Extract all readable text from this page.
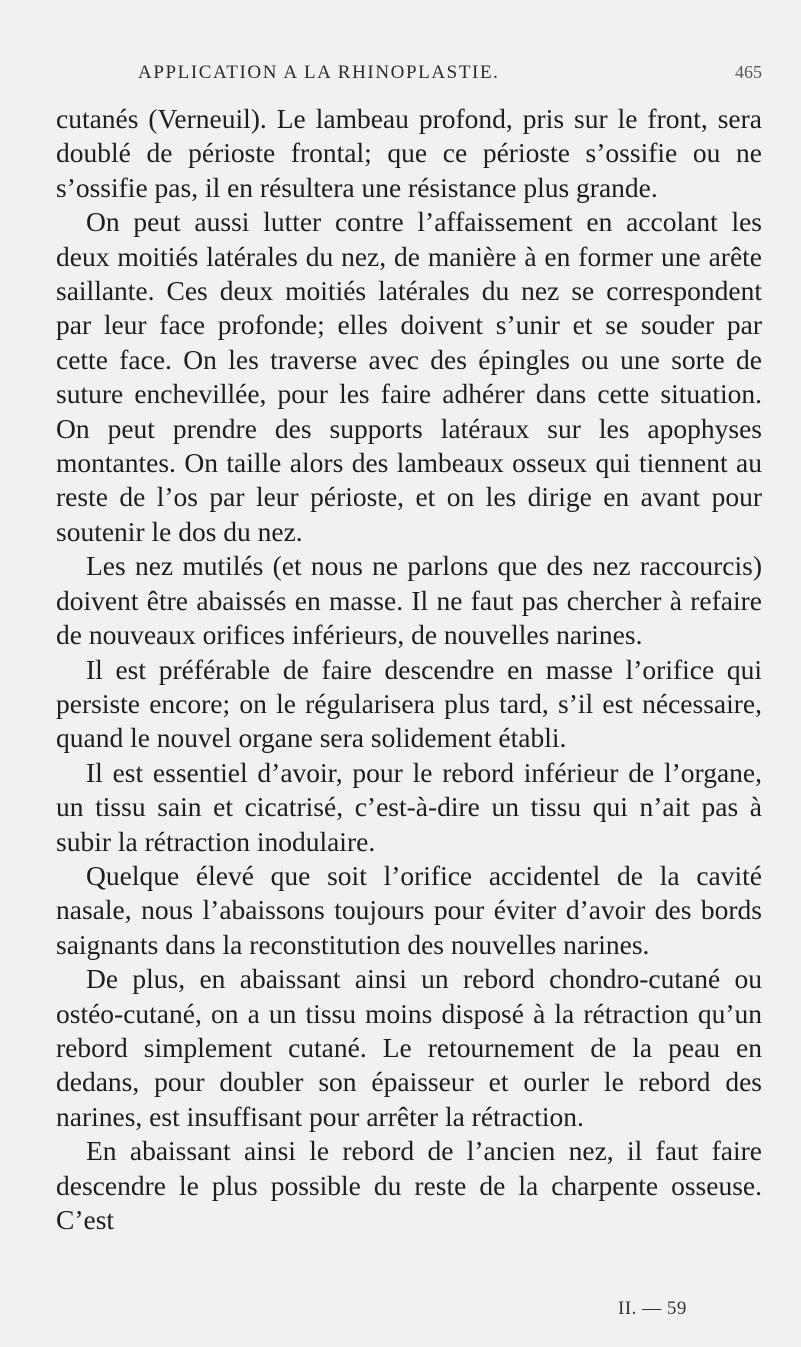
APPLICATION A LA RHINOPLASTIE.	465

cutanés (Verneuil). Le lambeau profond, pris sur le front, sera doublé de périoste frontal; que ce périoste s’ossifie ou ne s’ossifie pas, il en résultera une résistance plus grande.

On peut aussi lutter contre l’affaissement en accolant les deux moitiés latérales du nez, de manière à en former une arête saillante. Ces deux moitiés latérales du nez se correspondent par leur face profonde; elles doivent s’unir et se souder par cette face. On les traverse avec des épingles ou une sorte de suture enchevillée, pour les faire adhérer dans cette situation. On peut prendre des supports latéraux sur les apophyses montantes. On taille alors des lambeaux osseux qui tiennent au reste de l’os par leur périoste, et on les dirige en avant pour soutenir le dos du nez.

Les nez mutilés (et nous ne parlons que des nez raccourcis) doivent être abaissés en masse. Il ne faut pas chercher à refaire de nouveaux orifices inférieurs, de nouvelles narines.

Il est préférable de faire descendre en masse l’orifice qui persiste encore; on le régularisera plus tard, s’il est nécessaire, quand le nouvel organe sera solidement établi.

Il est essentiel d’avoir, pour le rebord inférieur de l’organe, un tissu sain et cicatrisé, c’est-à-dire un tissu qui n’ait pas à subir la rétraction inodulaire.

Quelque élevé que soit l’orifice accidentel de la cavité nasale, nous l’abaissons toujours pour éviter d’avoir des bords saignants dans la reconstitution des nouvelles narines.

De plus, en abaissant ainsi un rebord chondro-cutané ou ostéo-cutané, on a un tissu moins disposé à la rétraction qu’un rebord simplement cutané. Le retournement de la peau en dedans, pour doubler son épaisseur et ourler le rebord des narines, est insuffisant pour arrêter la rétraction.

En abaissant ainsi le rebord de l’ancien nez, il faut faire descendre le plus possible du reste de la charpente osseuse. C’est

II. — 59
